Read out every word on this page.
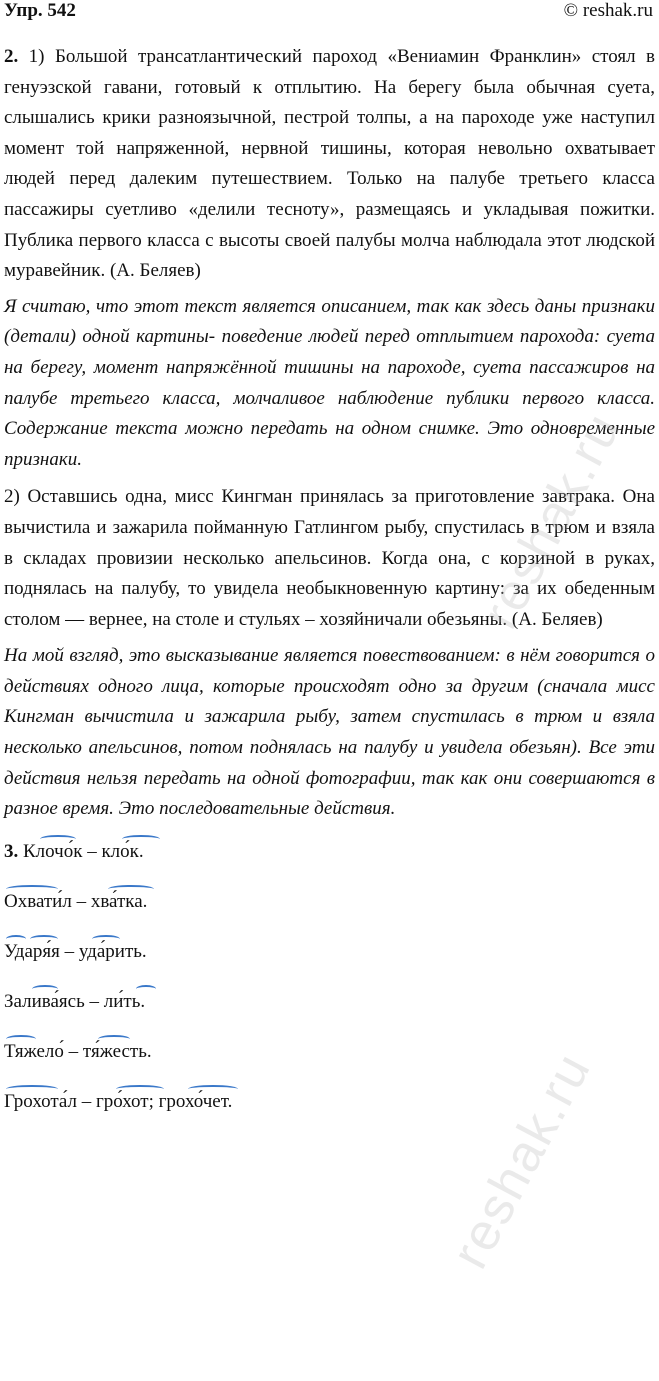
Упр. 542	© reshak.ru

2. 1) Большой трансатлантический пароход «Вениамин Франклин» стоял в генуэзской гавани, готовый к отплытию. На берегу была обычная суета, слышались крики разноязычной, пестрой толпы, а на пароходе уже наступил момент той напряженной, нервной тишины, которая невольно охватывает людей перед далеким путешествием. Только на палубе третьего класса пассажиры суетливо «делили тесноту», размещаясь и укладывая пожитки. Публика первого класса с высоты своей палубы молча наблюдала этот людской муравейник. (А. Беляев)

Я считаю, что этот текст является описанием, так как здесь даны признаки (детали) одной картины- поведение людей перед отплытием парохода: суета на берегу, момент напряжённой тишины на пароходе, суета пассажиров на палубе третьего класса, молчаливое наблюдение публики первого класса. Содержание текста можно передать на одном снимке. Это одновременные признаки.

2) Оставшись одна, мисс Кингман принялась за приготовление завтрака. Она вычистила и зажарила пойманную Гатлингом рыбу, спустилась в трюм и взяла в складах провизии несколько апельсинов. Когда она, с корзиной в руках, поднялась на палубу, то увидела необыкновенную картину: за их обеденным столом — вернее, на столе и стульях – хозяйничали обезьяны. (А. Беляев)

На мой взгляд, это высказывание является повествованием: в нём говорится о действиях одного лица, которые происходят одно за другим (сначала мисс Кингман вычистила и зажарила рыбу, затем спустилась в трюм и взяла несколько апельсинов, потом поднялась на палубу и увидела обезьян). Все эти действия нельзя передать на одной фотографии, так как они совершаются в разное время. Это последовательные действия.

3. Клочо́к – кло́к.
Охвати́л – хва́тка.
Ударя́я – уда́рить.
Залива́ясь – ли́ть.
Тяжело́ – тя́жесть.
Грохота́л – гро́хот; грохо́чет.
reshak.ru
reshak.ru
